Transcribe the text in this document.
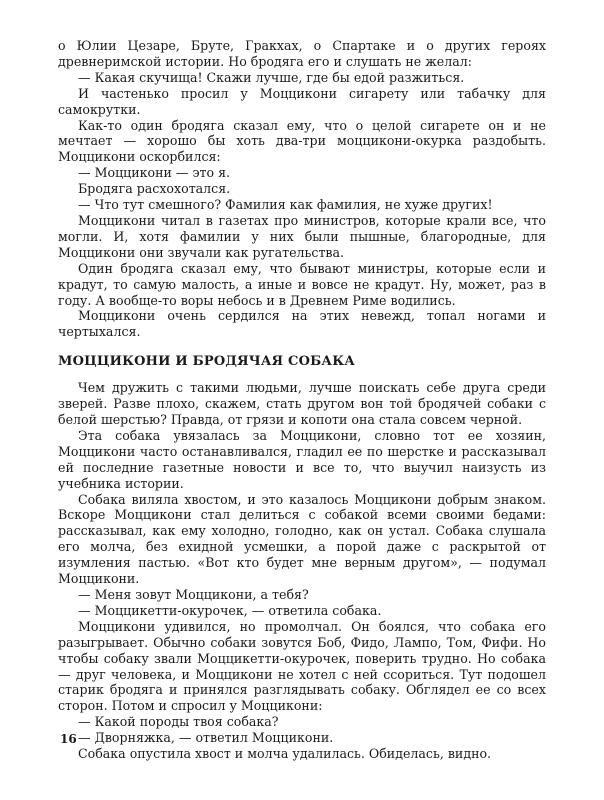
о Юлии Цезаре, Бруте, Гракхах, о Спартаке и о других героях древнеримской истории. Но бродяга его и слушать не желал:

— Какая скучища! Скажи лучше, где бы едой разжиться.

И частенько просил у Моццикони сигарету или табачку для самокрутки.

Как-то один бродяга сказал ему, что о целой сигарете он и не мечтает — хорошо бы хоть два-три моццикони-окурка раздобыть. Моццикони оскорбился:

— Моццикони — это я.

Бродяга расхохотался.

— Что тут смешного? Фамилия как фамилия, не хуже других!

Моццикони читал в газетах про министров, которые крали все, что могли. И, хотя фамилии у них были пышные, благородные, для Моццикони они звучали как ругательства.

Один бродяга сказал ему, что бывают министры, которые если и крадут, то самую малость, а иные и вовсе не крадут. Ну, может, раз в году. А вообще-то воры небось и в Древнем Риме водились.

Моццикони очень сердился на этих невежд, топал ногами и чертыхался.

МОЦЦИКОНИ И БРОДЯЧАЯ СОБАКА

Чем дружить с такими людьми, лучше поискать себе друга среди зверей. Разве плохо, скажем, стать другом вон той бродячей собаки с белой шерстью? Правда, от грязи и копоти она стала совсем черной.

Эта собака увязалась за Моццикони, словно тот ее хозяин, Моццикони часто останавливался, гладил ее по шерстке и рассказывал ей последние газетные новости и все то, что выучил наизусть из учебника истории.

Собака виляла хвостом, и это казалось Моццикони добрым знаком. Вскоре Моццикони стал делиться с собакой всеми своими бедами: рассказывал, как ему холодно, голодно, как он устал. Собака слушала его молча, без ехидной усмешки, а порой даже с раскрытой от изумления пастью. «Вот кто будет мне верным другом», — подумал Моццикони.

— Меня зовут Моццикони, а тебя?

— Моццикетти-окурочек, — ответила собака.

Моццикони удивился, но промолчал. Он боялся, что собака его разыгрывает. Обычно собаки зовутся Боб, Фидо, Лампо, Том, Фифи. Но чтобы собаку звали Моццикетти-окурочек, поверить трудно. Но собака — друг человека, и Моццикони не хотел с ней ссориться. Тут подошел старик бродяга и принялся разглядывать собаку. Обглядел ее со всех сторон. Потом и спросил у Моццикони:

— Какой породы твоя собака?

— Дворняжка, — ответил Моццикони.

Собака опустила хвост и молча удалилась. Обиделась, видно.

16
